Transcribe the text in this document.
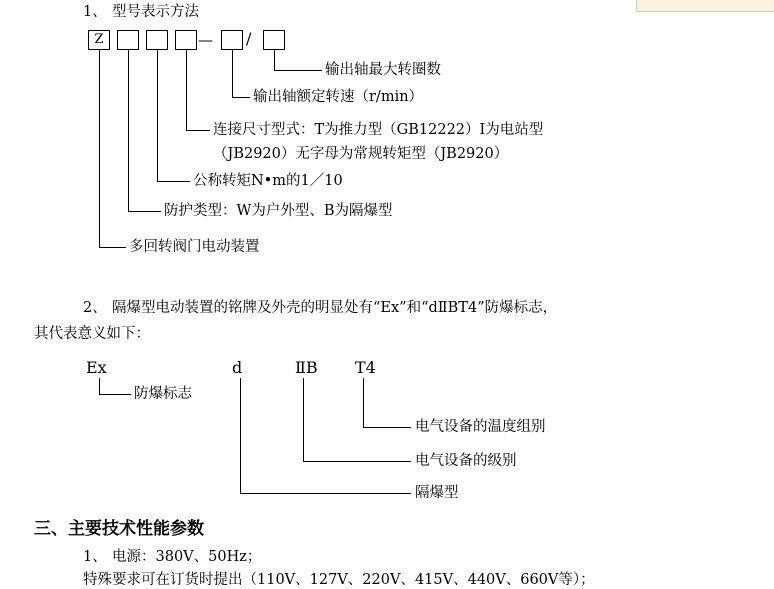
1、 型号表示方法
Z	— /
输出轴最大转圈数
输出轴额定转速（r/min）
连接尺寸型式：T为推力型（GB12222）I为电站型
（JB2920）无字母为常规转矩型（JB2920）
公称转矩N•m的1／10
防护类型：W为户外型、B为隔爆型
多回转阀门电动装置
2、 隔爆型电动装置的铭牌及外壳的明显处有“Ex”和“dⅡBT4”防爆标志，
其代表意义如下：
Ex	d	ⅡB T4
防爆标志
电气设备的温度组别
电气设备的级别
隔爆型
三、主要技术性能参数
1、 电源：380V、50Hz；
特殊要求可在订货时提出（110V、127V、220V、415V、440V、660V等）；
